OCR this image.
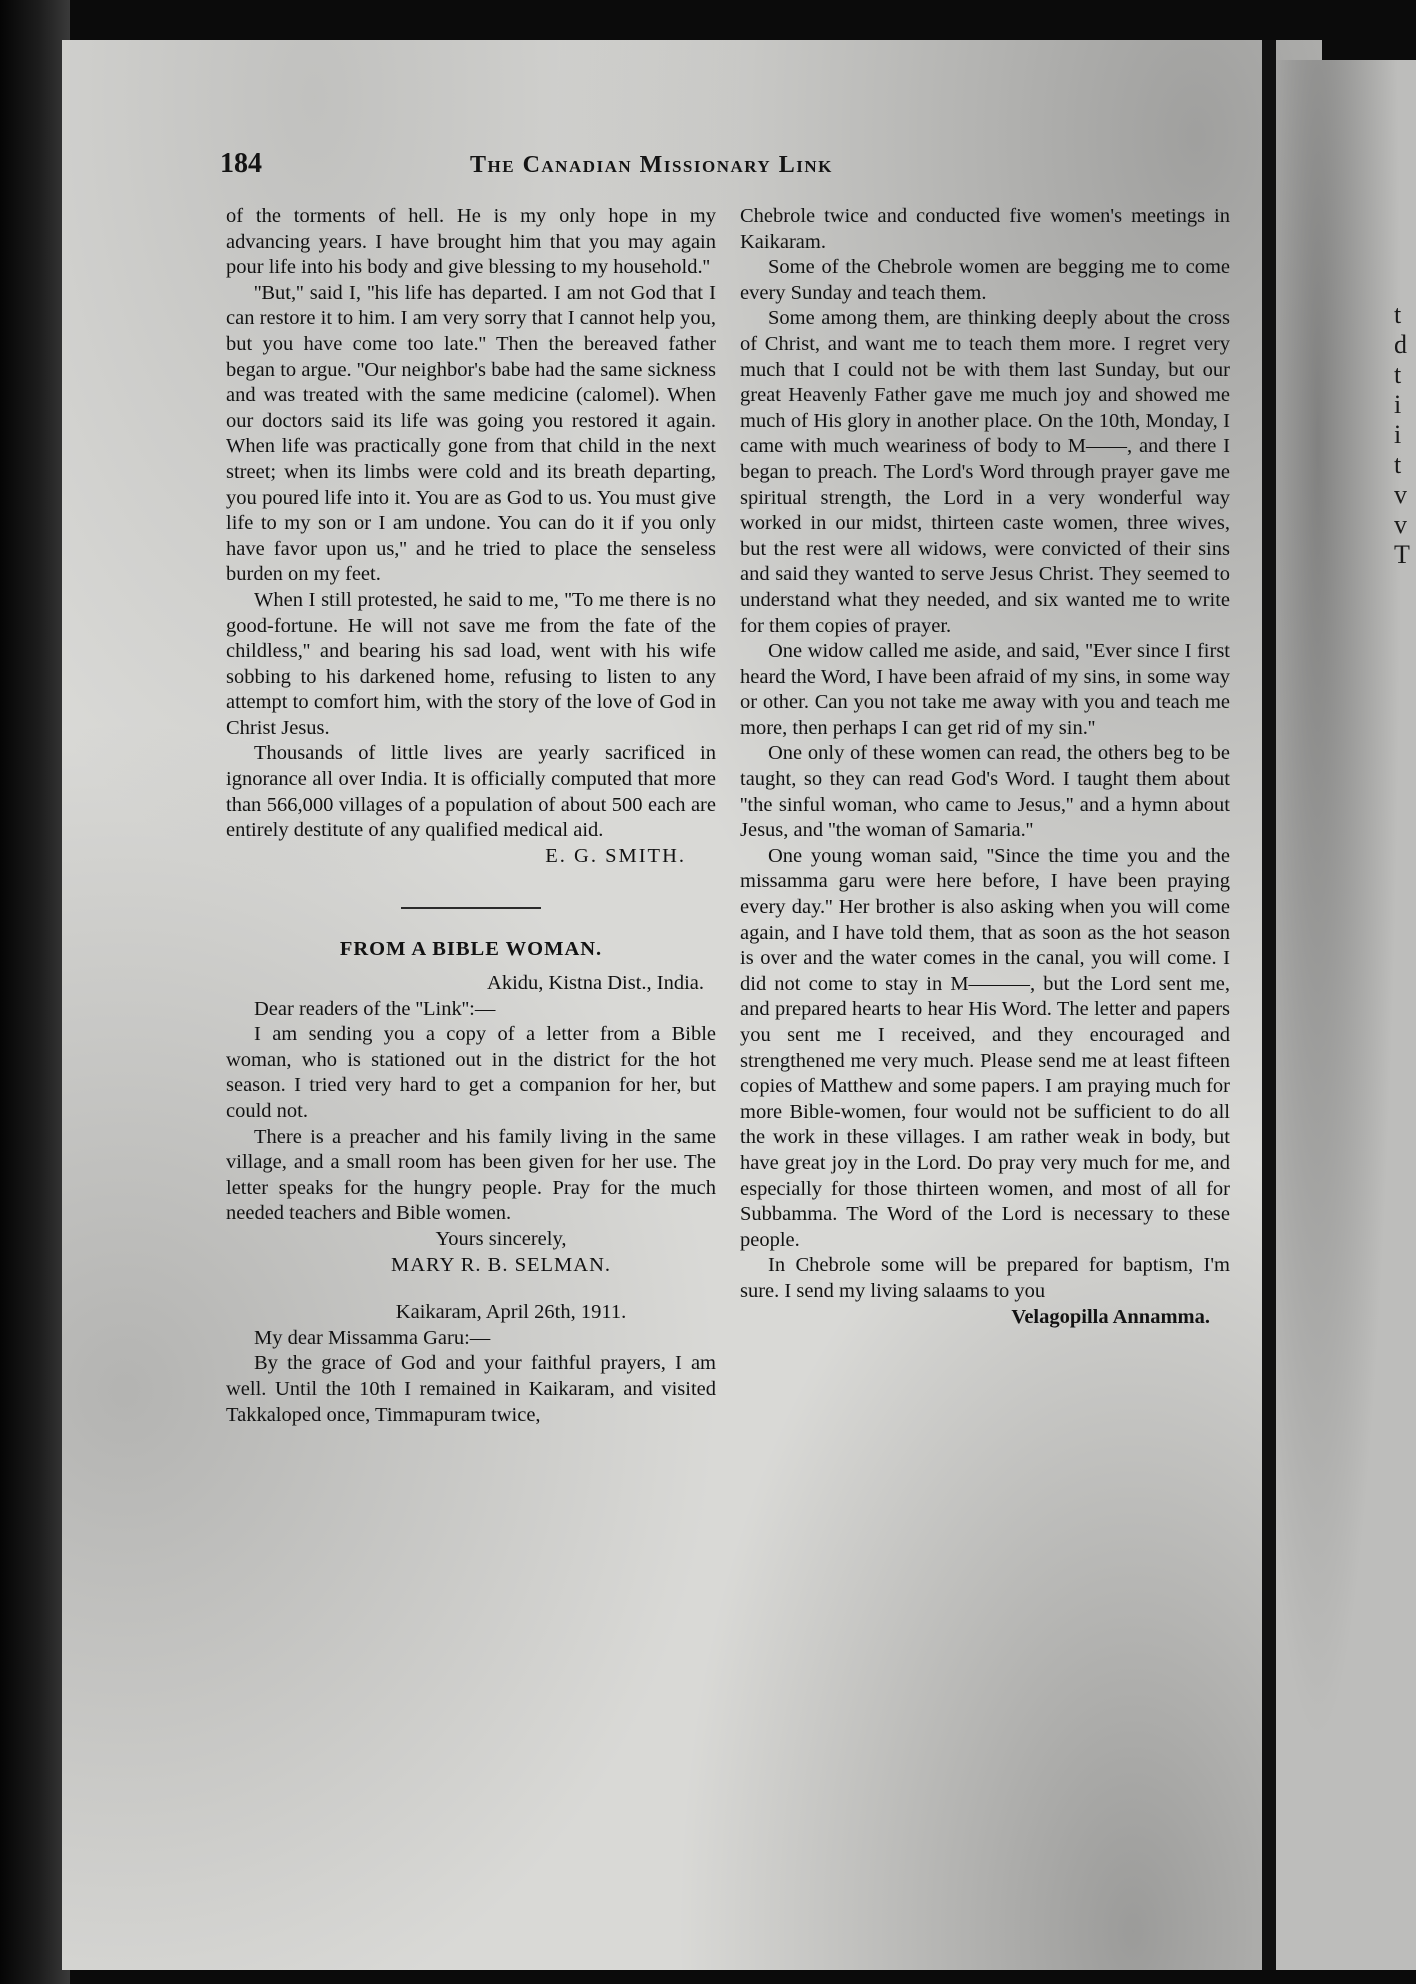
t
d
t
i
i
t
v
v
T
184	The Canadian Missionary Link

of the torments of hell. He is my only hope in my advancing years. I have brought him that you may again pour life into his body and give blessing to my household.''

''But,'' said I, ''his life has departed. I am not God that I can restore it to him. I am very sorry that I cannot help you, but you have come too late.'' Then the bereaved father began to argue. ''Our neighbor's babe had the same sickness and was treated with the same medicine (calomel). When our doctors said its life was going you restored it again. When life was practically gone from that child in the next street; when its limbs were cold and its breath departing, you poured life into it. You are as God to us. You must give life to my son or I am undone. You can do it if you only have favor upon us,'' and he tried to place the senseless burden on my feet.

When I still protested, he said to me, ''To me there is no good-fortune. He will not save me from the fate of the childless,'' and bearing his sad load, went with his wife sobbing to his darkened home, refusing to listen to any attempt to comfort him, with the story of the love of God in Christ Jesus.

Thousands of little lives are yearly sacrificed in ignorance all over India. It is officially computed that more than 566,000 villages of a population of about 500 each are entirely destitute of any qualified medical aid.

E. G. SMITH.
FROM A BIBLE WOMAN.
Akidu, Kistna Dist., India.

Dear readers of the ''Link'':—

I am sending you a copy of a letter from a Bible woman, who is stationed out in the district for the hot season. I tried very hard to get a companion for her, but could not.

There is a preacher and his family living in the same village, and a small room has been given for her use. The letter speaks for the hungry people. Pray for the much needed teachers and Bible women.

Yours sincerely,
MARY R. B. SELMAN.
Kaikaram, April 26th, 1911.

My dear Missamma Garu:—

By the grace of God and your faithful prayers, I am well. Until the 10th I remained in Kaikaram, and visited Takkaloped once, Timmapuram twice,

Chebrole twice and conducted five women's meetings in Kaikaram.

Some of the Chebrole women are begging me to come every Sunday and teach them.

Some among them, are thinking deeply about the cross of Christ, and want me to teach them more. I regret very much that I could not be with them last Sunday, but our great Heavenly Father gave me much joy and showed me much of His glory in another place. On the 10th, Monday, I came with much weariness of body to M——, and there I began to preach. The Lord's Word through prayer gave me spiritual strength, the Lord in a very wonderful way worked in our midst, thirteen caste women, three wives, but the rest were all widows, were convicted of their sins and said they wanted to serve Jesus Christ. They seemed to understand what they needed, and six wanted me to write for them copies of prayer.

One widow called me aside, and said, ''Ever since I first heard the Word, I have been afraid of my sins, in some way or other. Can you not take me away with you and teach me more, then perhaps I can get rid of my sin.''

One only of these women can read, the others beg to be taught, so they can read God's Word. I taught them about ''the sinful woman, who came to Jesus,'' and a hymn about Jesus, and ''the woman of Samaria.''

One young woman said, ''Since the time you and the missamma garu were here before, I have been praying every day.'' Her brother is also asking when you will come again, and I have told them, that as soon as the hot season is over and the water comes in the canal, you will come. I did not come to stay in M———, but the Lord sent me, and prepared hearts to hear His Word. The letter and papers you sent me I received, and they encouraged and strengthened me very much. Please send me at least fifteen copies of Matthew and some papers. I am praying much for more Bible-women, four would not be sufficient to do all the work in these villages. I am rather weak in body, but have great joy in the Lord. Do pray very much for me, and especially for those thirteen women, and most of all for Subbamma. The Word of the Lord is necessary to these people.

In Chebrole some will be prepared for baptism, I'm sure. I send my living salaams to you

Velagopilla Annamma.
